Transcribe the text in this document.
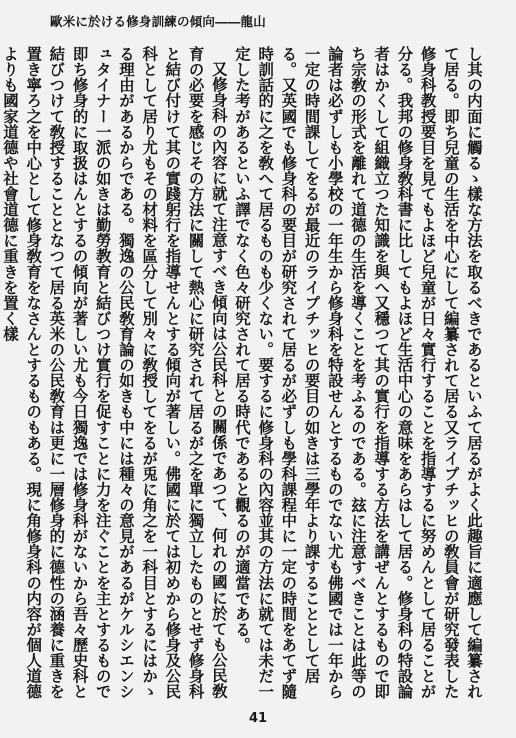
歐米に於ける修身訓練の傾向――龍山

し其の内面に觸るゝ樣な方法を取るべきであるといふて居るがよく此趣旨に適應して編纂されて居る。即ち兒童の生活を中心にして編纂されて居る又ライプチッヒの敎員會が研究發表した修身科教授要目を見てもよほど兒童が日々實行することを指導するに努めんとして居ることが分る。我邦の修身敎科書に比してもよほど生活中心の意味をあらはして居る。修身科の特設論者はかくして組織立つた知識を與へ又穩つて其の實行を指導する方法を講ぜんとするもので即ち宗敎の形式を離れて道德の生活を導くことを考ふるのである。玆に注意すべきことは此等の論者は必ずしも小學校の一年生から修身科を特設せんとするものでない尤も佛國では一年から一定の時間課してをるが最近のライプチッヒの要目の如きは三學年より課することとして居る。又英國でも修身科の要目が研究されて居るが必ずしも學科課程中に一定の時間をあてず隨時訓話的に之を敎へて居るものも少くない。要するに修身科の內容並其の方法に就ては未だ一定した考があるといふ譯でなく色々研究されて居る時代であると觀るのが適當である。

又修身科の內容に就て注意すべき傾向は公民科との關係であつて、何れの國に於ても公民敎育の必要を感じその方法に關して熱心に研究されて居るが之を單に獨立したものとせず修身科と結び付けて其の實踐躬行を指導せんとする傾向が著しい。佛國に於ては初めから修身及公民科として居り尤もその材料を區分して別々に敎授してをるが兎に角之を一科目とするにはかゝる理由があるからである。獨逸の公民敎育論の如きも中には種々の意見があるがケルシエンシュタイナー一派の如きは勤勞教育と結びつけ實行を促すことに力を注ぐことを主とするもので即ち修身的に取扱はんとするの傾向が著しい尤も今日獨逸では修身科がないから吾々歷史科と結びつけて敎授することとなつて居る英米の公民敎育は更に一層修身的に德性の涵養に重きを置き寧ろ之を中心として修身敎育をなさんとするものもある。現に角修身科の内容が個人道德よりも國家道德や社會道德に重きを置く樣

41
